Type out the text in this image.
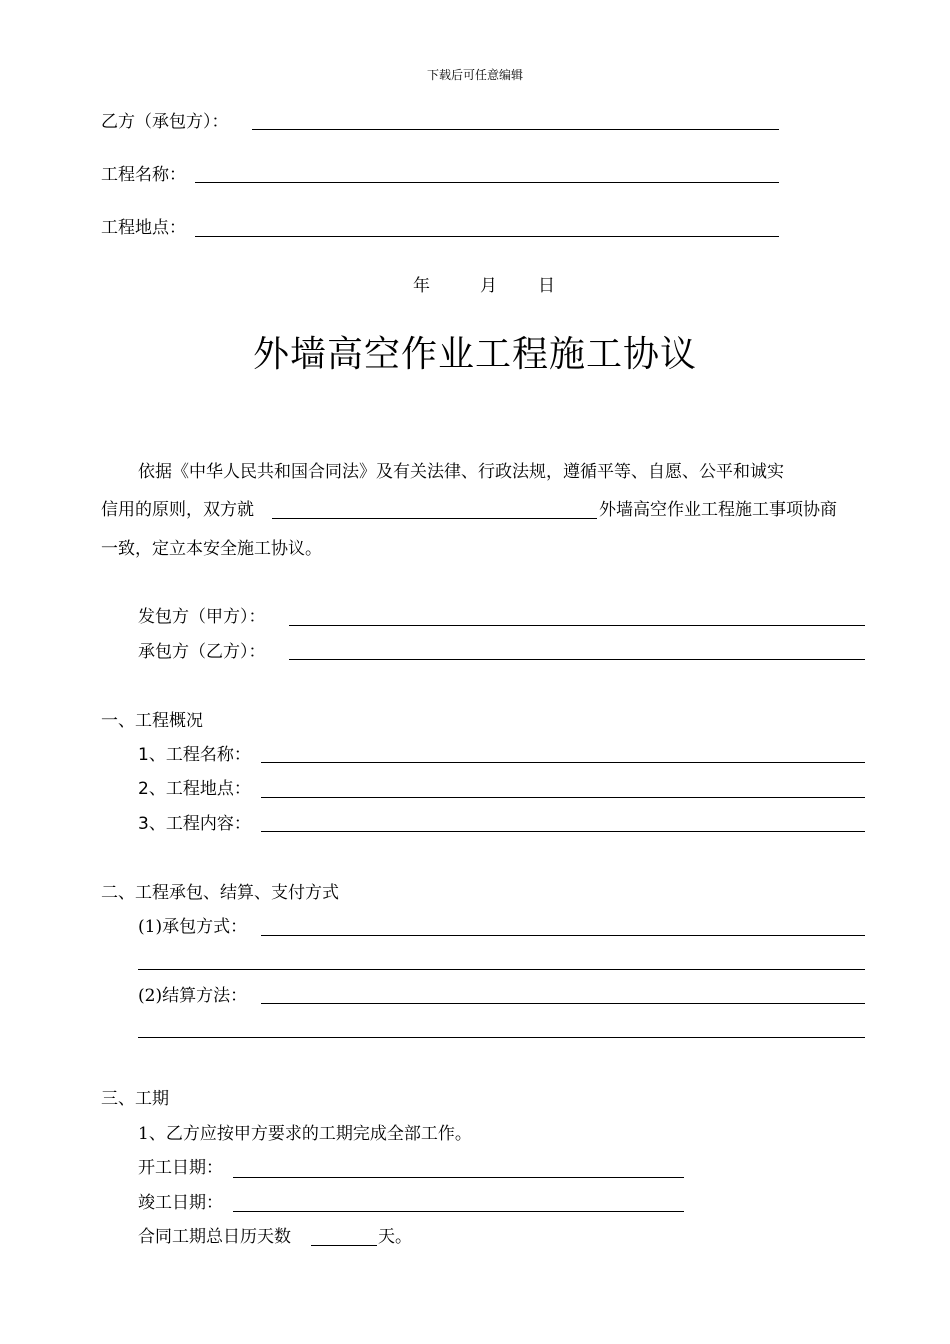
下载后可任意编辑
乙方（承包方）：
工程名称：
工程地点：
年	月 日
外墙高空作业工程施工协议
依据《中华人民共和国合同法》及有关法律、行政法规，遵循平等、自愿、公平和诚实
信用的原则，双方就	外墙高空作业工程施工事项协商
一致，定立本安全施工协议。
发包方（甲方）：
承包方（乙方）：
一、工程概况
1、工程名称：
2、工程地点：
3、工程内容：
二、工程承包、结算、支付方式
(1)承包方式：
(2)结算方法：
三、工期
1、乙方应按甲方要求的工期完成全部工作。
开工日期：
竣工日期：
合同工期总日历天数	天。
